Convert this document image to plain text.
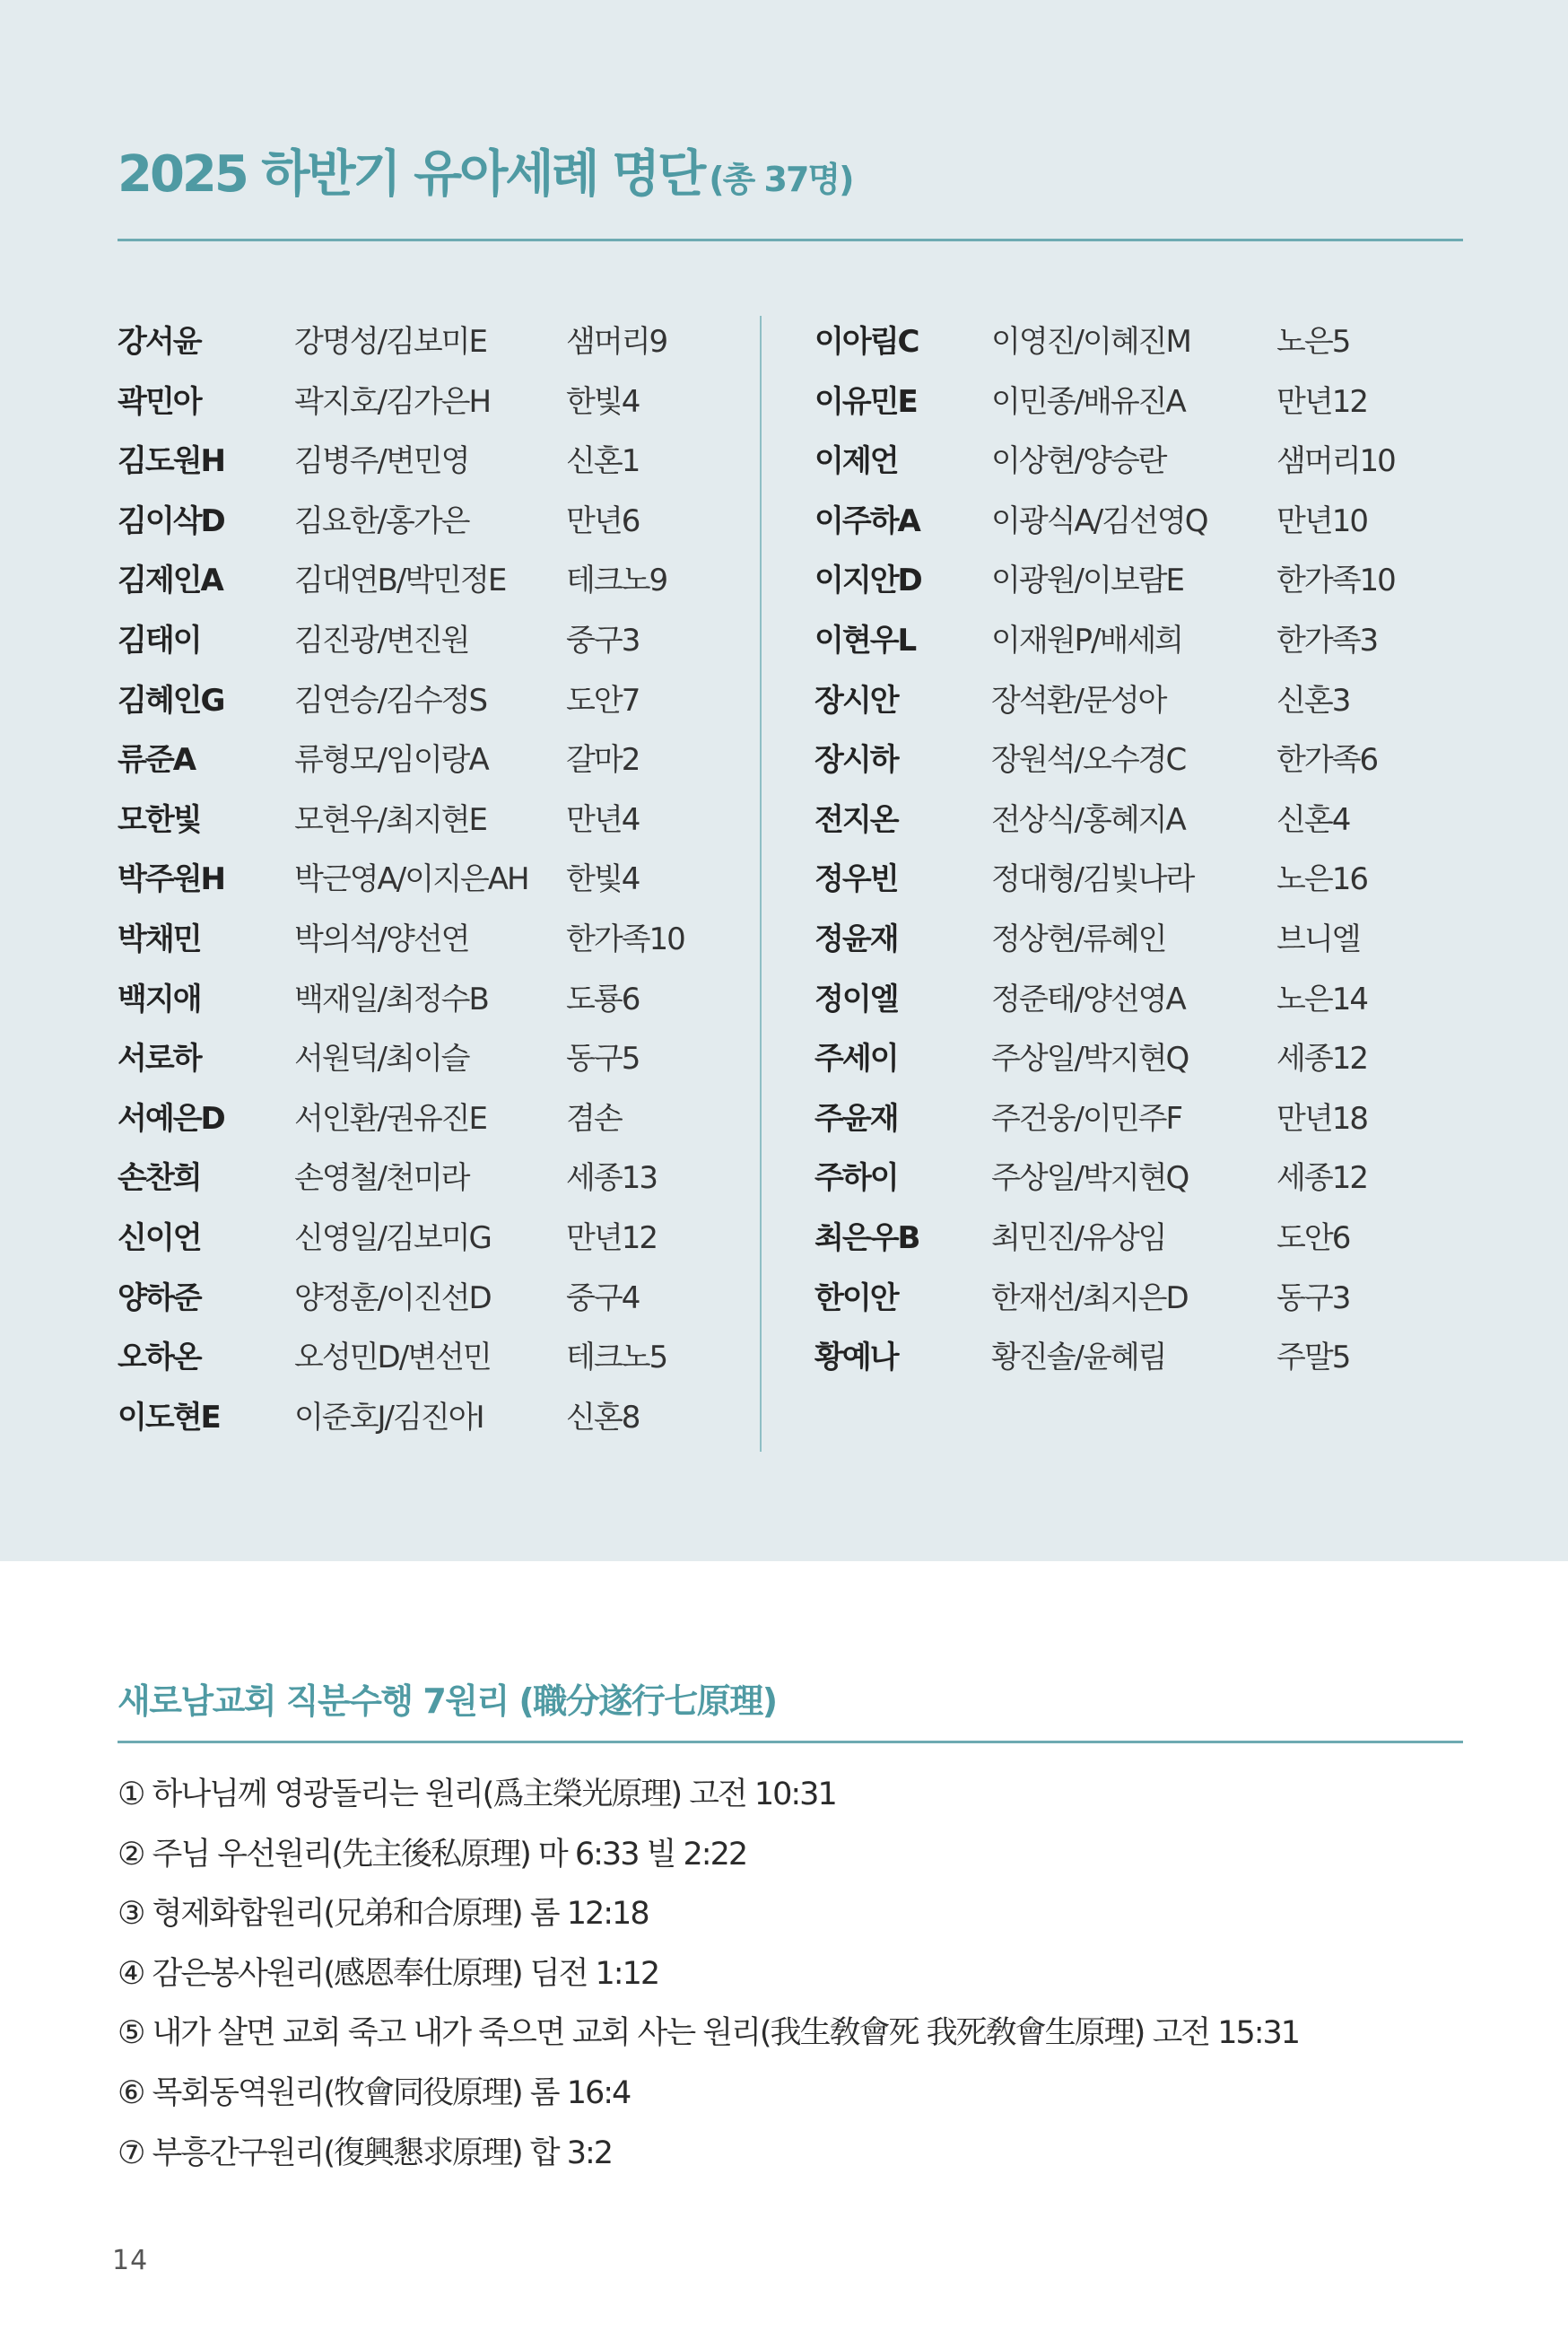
2025 하반기 유아세례 명단 (총 37명)
강서윤	강명성/김보미E	샘머리9
곽민아	곽지호/김가은H 한빛4
김도원H 김병주/변민영	신혼1
김이삭D 김요한/홍가은	만년6
김제인A 김대연B/박민정E 테크노9
김태이	김진광/변진원	중구3
김혜인G 김연승/김수정S	도안7
류준A	류형모/임이랑A	갈마2
모한빛	모현우/최지현E	만년4
박주원H 박근영A/이지은AH 한빛4
박채민	박의석/양선연	한가족10
백지애	백재일/최정수B	도룡6
서로하	서원덕/최이슬	동구5
서예은D 서인환/권유진E	겸손
손찬희	손영철/천미라	세종13
신이언	신영일/김보미G 만년12
양하준	양정훈/이진선D 중구4
오하온	오성민D/변선민 테크노5
이도현E 이준호J/김진아I	신혼8
이아림C 이영진/이혜진M	노은5
이유민E 이민종/배유진A	만년12
이제언	이상현/양승란	샘머리10
이주하A 이광식A/김선영Q 만년10
이지안D 이광원/이보람E	한가족10
이현우L 이재원P/배세희	한가족3
장시안	장석환/문성아	신혼3
장시하	장원석/오수경C	한가족6
전지온	전상식/홍혜지A	신혼4
정우빈	정대형/김빛나라	노은16
정윤재	정상현/류혜인	브니엘
정이엘	정준태/양선영A	노은14
주세이	주상일/박지현Q	세종12
주윤재	주건웅/이민주F	만년18
주하이	주상일/박지현Q	세종12
최은우B 최민진/유상임	도안6
한이안	한재선/최지은D	동구3
황예나	황진솔/윤혜림	주말5
새로남교회 직분수행 7원리 (職分遂行七原理)
① 하나님께 영광돌리는 원리(爲主榮光原理) 고전 10:31
② 주님 우선원리(先主後私原理) 마 6:33 빌 2:22
③ 형제화합원리(兄弟和合原理) 롬 12:18
④ 감은봉사원리(感恩奉仕原理) 딤전 1:12
⑤ 내가 살면 교회 죽고 내가 죽으면 교회 사는 원리(我生敎會死 我死敎會生原理) 고전 15:31
⑥ 목회동역원리(牧會同役原理) 롬 16:4
⑦ 부흥간구원리(復興懇求原理) 합 3:2
14
